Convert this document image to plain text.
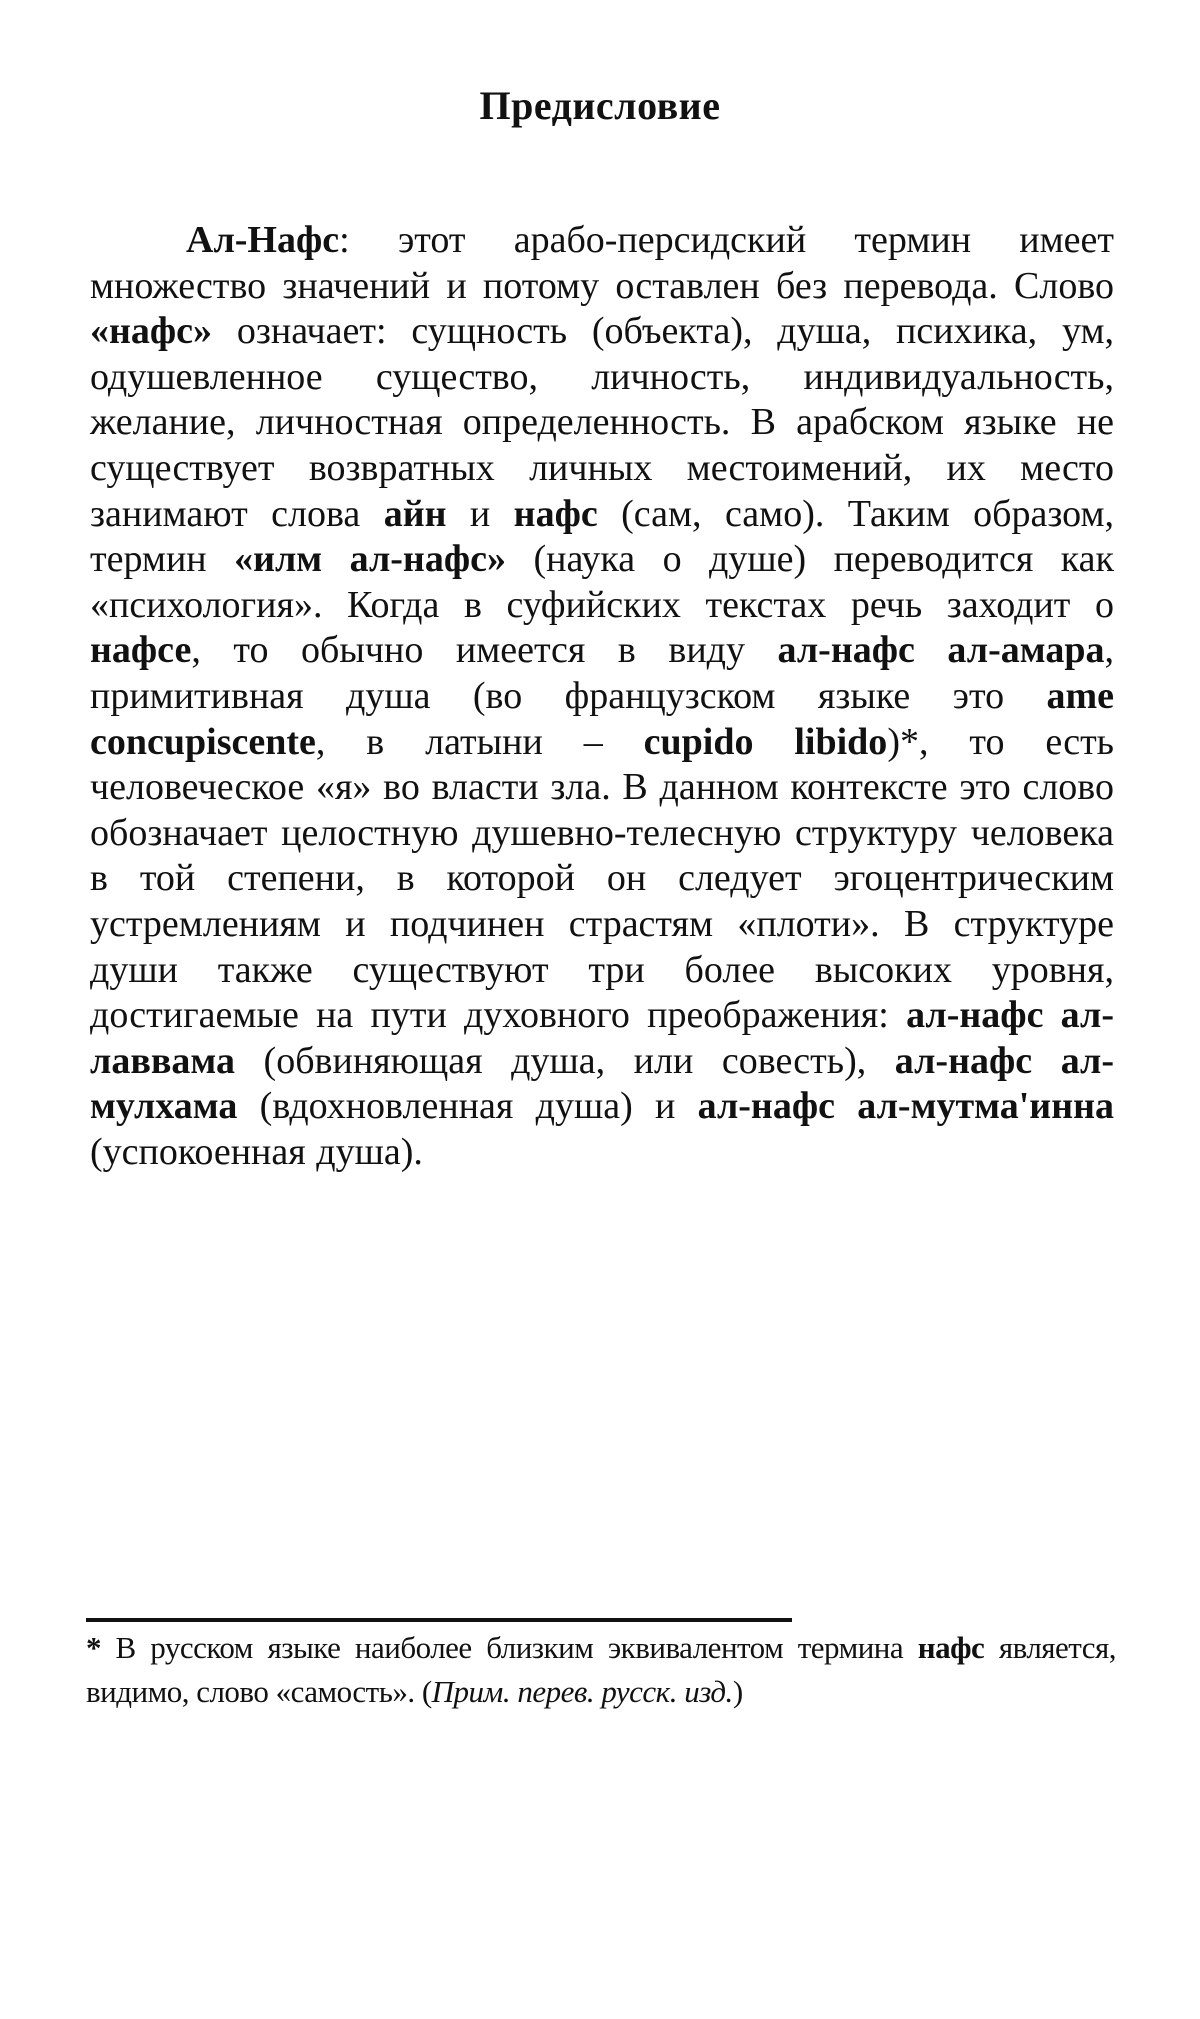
Предисловие
Ал-Нафс: этот арабо-персидский термин имеет множество значений и потому оставлен без перевода. Слово «нафс» означает: сущность (объекта), душа, психика, ум, одушевленное существо, личность, индивидуальность, желание, личностная определенность. В арабском языке не существует возвратных личных местоимений, их место занимают слова айн и нафс (сам, само). Таким образом, термин «илм ал-нафс» (наука о душе) переводится как «психология». Когда в суфийских текстах речь заходит о нафсе, то обычно имеется в виду ал-нафс ал-амара, примитивная душа (во французском языке это ame concupiscente, в латыни – cupido libido)*, то есть человеческое «я» во власти зла. В данном контексте это слово обозначает целостную душевно-телесную структуру человека в той степени, в которой он следует эгоцентрическим устремлениям и подчинен страстям «плоти». В структуре души также существуют три более высоких уровня, достигаемые на пути духовного преображения: ал-нафс ал-лаввама (обвиняющая душа, или совесть), ал-нафс ал-мулхама (вдохновленная душа) и ал-нафс ал-мутма'инна (успокоенная душа).
* В русском языке наиболее близким эквивалентом термина нафс является, видимо, слово «самость». (Прим. перев. русск. изд.)
